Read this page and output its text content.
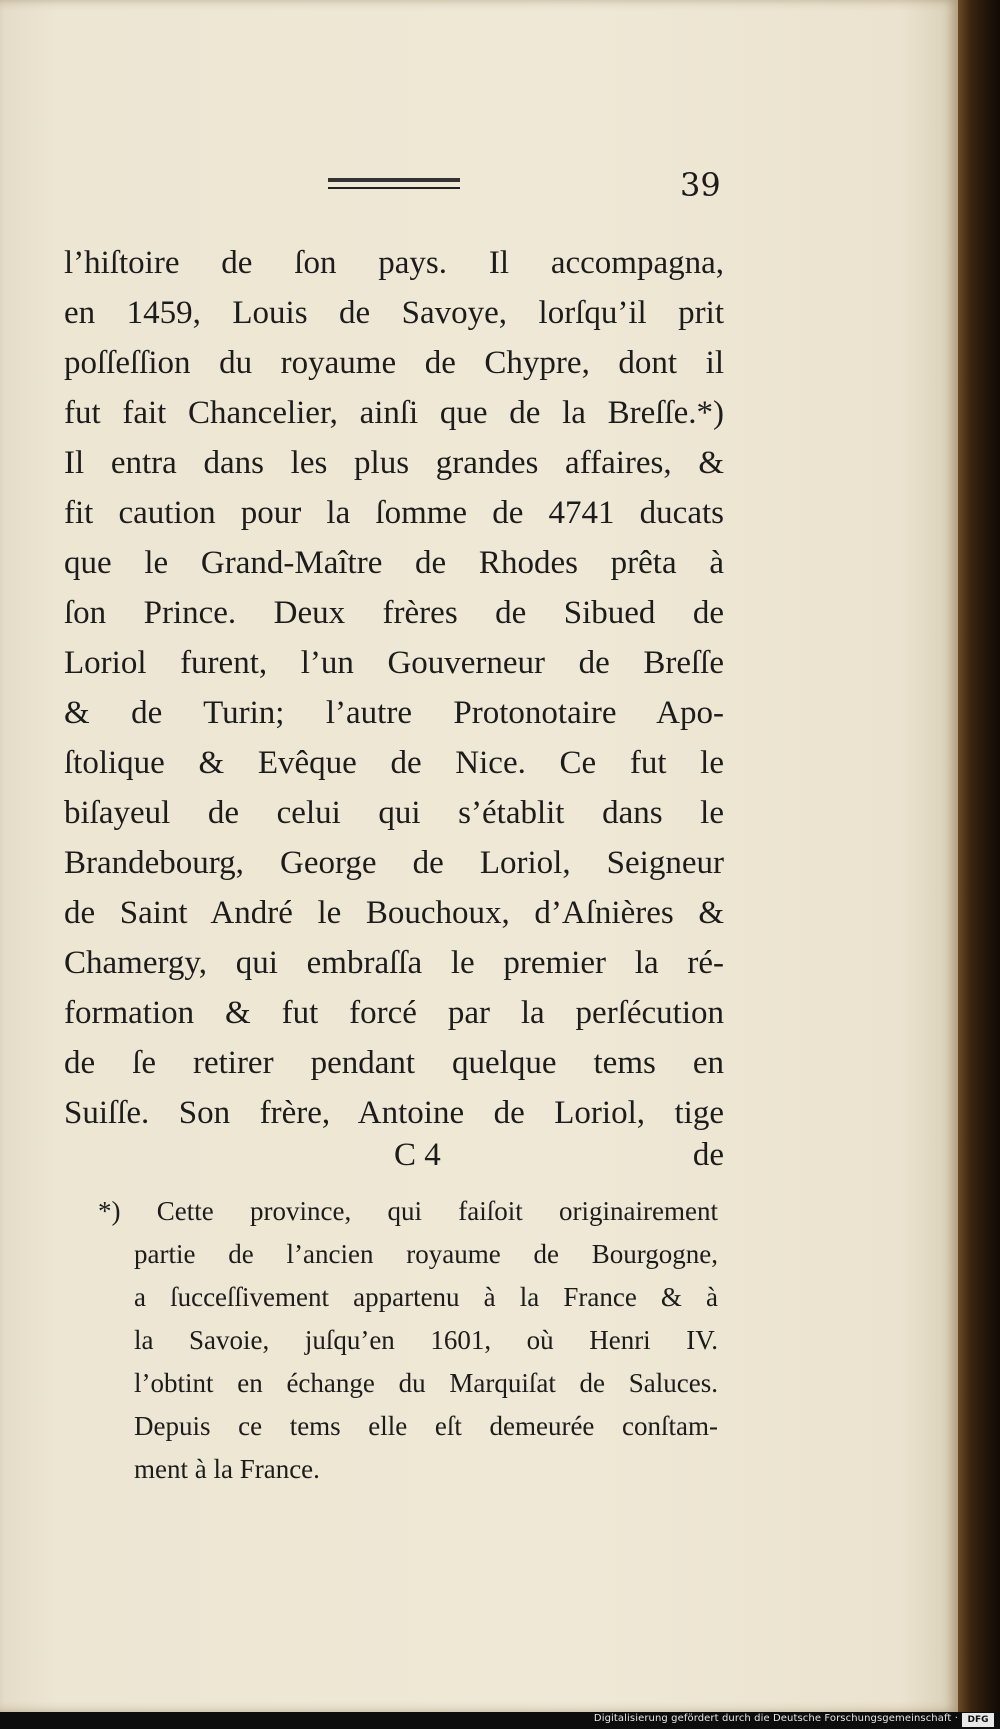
39
l’hiſtoire de ſon pays. Il accompagna,
en 1459, Louis de Savoye, lorſqu’il prit
poſſeſſion du royaume de Chypre, dont il
fut fait Chancelier, ainſi que de la Breſſe.*)
Il entra dans les plus grandes affaires, &
fit caution pour la ſomme de 4741 ducats
que le Grand-Maître de Rhodes prêta à
ſon Prince. Deux frères de Sibued de
Loriol furent, l’un Gouverneur de Breſſe
& de Turin; l’autre Protonotaire Apo-
ſtolique & Evêque de Nice. Ce fut le
biſayeul de celui qui s’établit dans le
Brandebourg, George de Loriol, Seigneur
de Saint André le Bouchoux, d’Aſnières &
Chamergy, qui embraſſa le premier la ré-
formation & fut forcé par la perſécution
de ſe retirer pendant quelque tems en
Suiſſe. Son frère, Antoine de Loriol, tige
C 4	de
*) Cette province, qui faiſoit originairement
partie de l’ancien royaume de Bourgogne,
a ſucceſſivement appartenu à la France & à
la Savoie, juſqu’en 1601, où Henri IV.
l’obtint en échange du Marquiſat de Saluces.
Depuis ce tems elle eſt demeurée conſtam-
ment à la France.
Digitalisierung gefördert durch die Deutsche Forschungsgemeinschaft ·	DFG
